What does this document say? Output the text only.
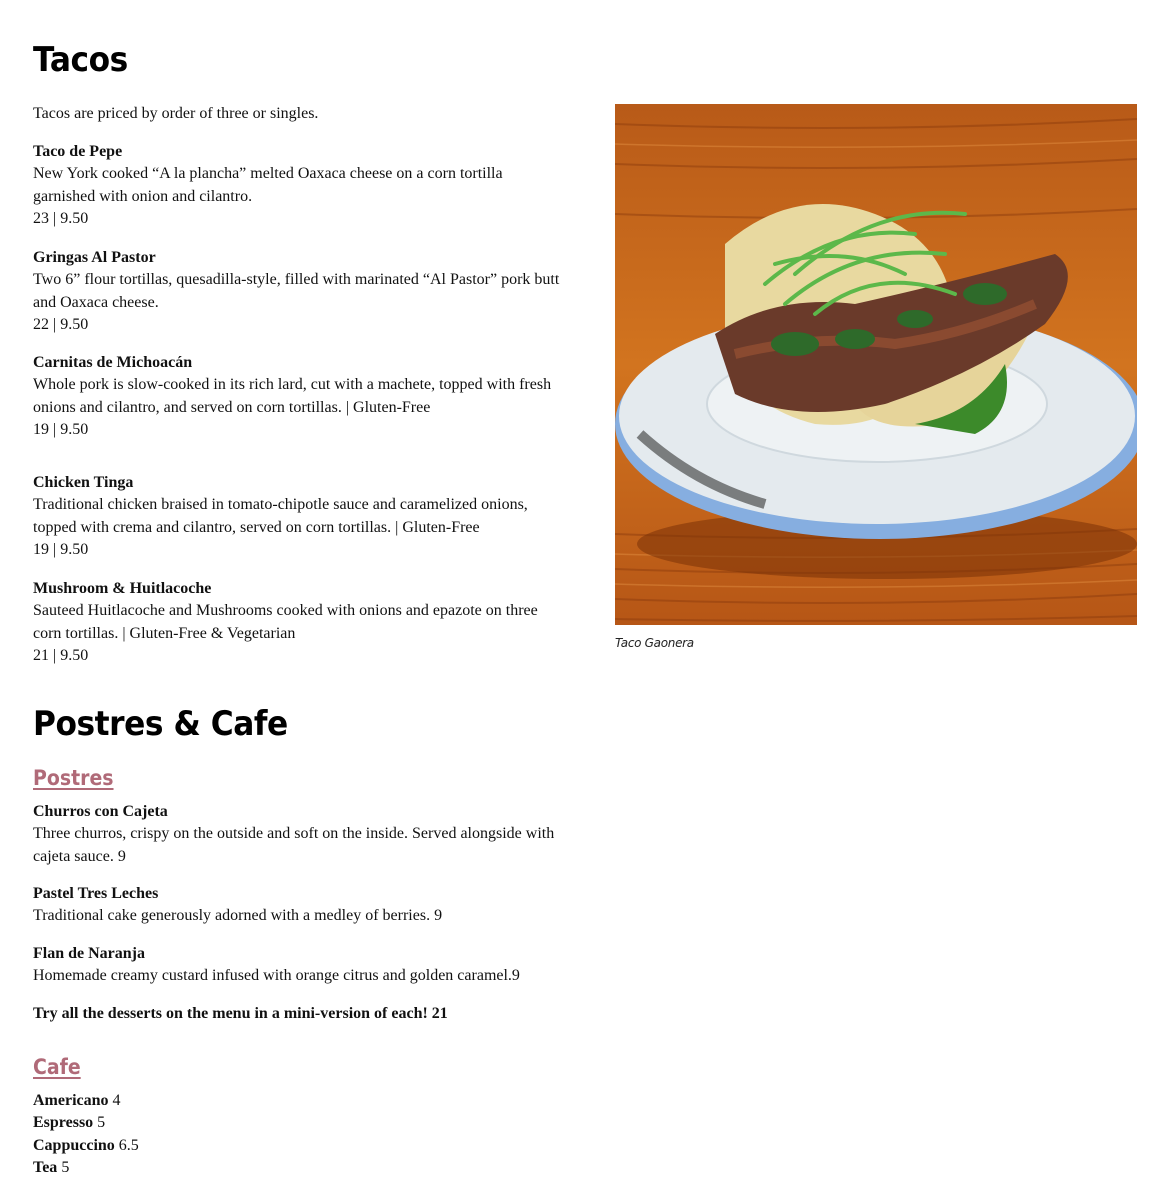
Tacos
Tacos are priced by order of three or singles.
Taco de Pepe
New York cooked “A la plancha” melted Oaxaca cheese on a corn tortilla garnished with onion and cilantro.
23 | 9.50
Gringas Al Pastor
Two 6” flour tortillas, quesadilla-style, filled with marinated “Al Pastor” pork butt and Oaxaca cheese.
22 | 9.50
Carnitas de Michoacán
Whole pork is slow-cooked in its rich lard, cut with a machete, topped with fresh onions and cilantro, and served on corn tortillas. | Gluten-Free
19 | 9.50
Chicken Tinga
Traditional chicken braised in tomato-chipotle sauce and caramelized onions, topped with crema and cilantro, served on corn tortillas. | Gluten-Free
19 | 9.50
Mushroom & Huitlacoche
Sauteed Huitlacoche and Mushrooms cooked with onions and epazote on three corn tortillas. | Gluten-Free & Vegetarian
21 | 9.50
Taco Gaonera
Postres & Cafe
Postres
Churros con Cajeta
Three churros, crispy on the outside and soft on the inside. Served alongside with cajeta sauce. 9
Pastel Tres Leches
Traditional cake generously adorned with a medley of berries. 9
Flan de Naranja
Homemade creamy custard infused with orange citrus and golden caramel.9
Try all the desserts on the menu in a mini-version of each! 21
Cafe
Americano 4
Espresso 5
Cappuccino 6.5
Tea 5
